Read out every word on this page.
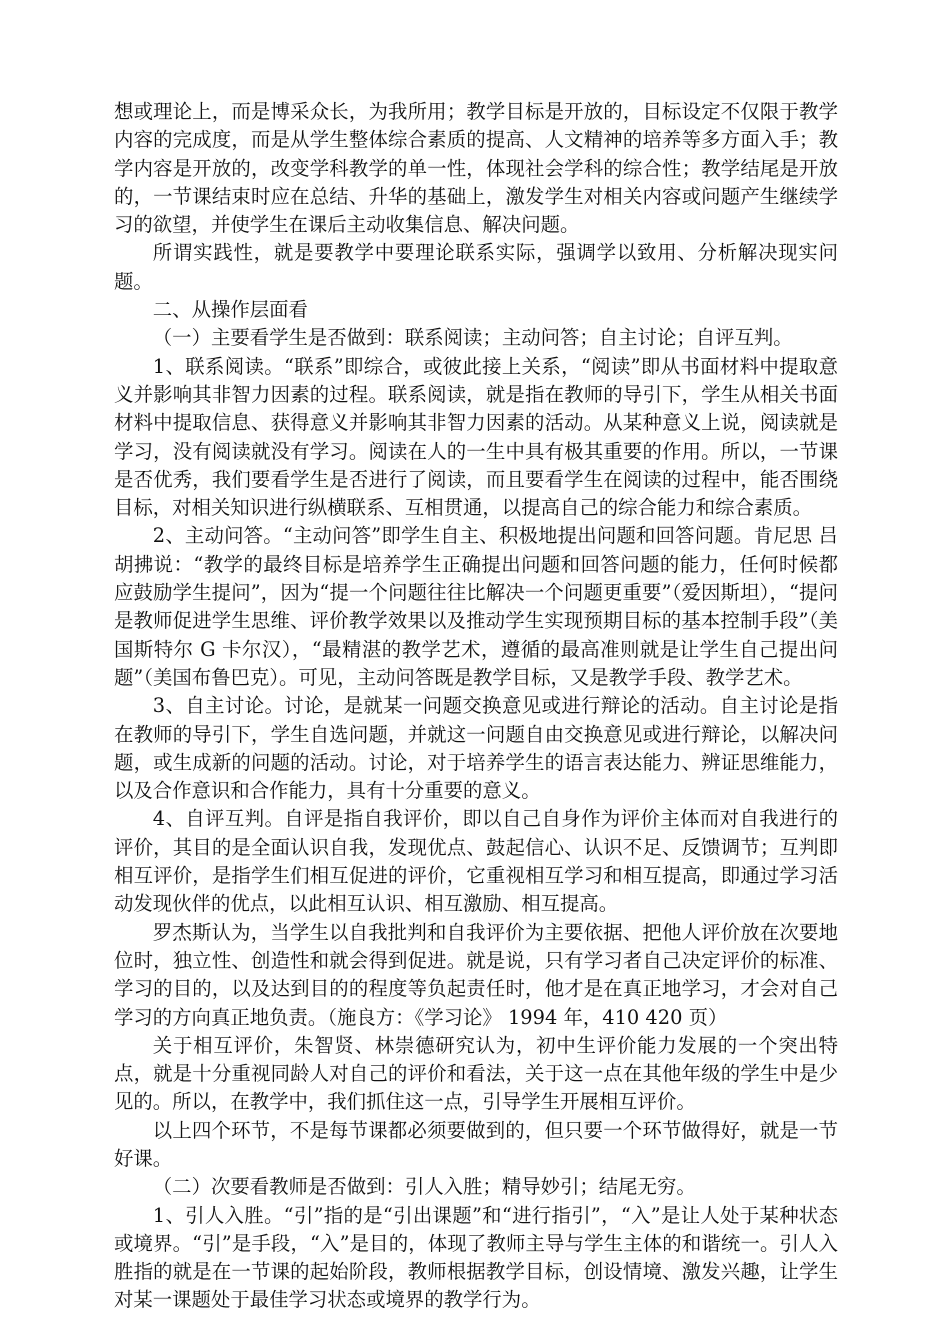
想或理论上，而是博采众长，为我所用；教学目标是开放的，目标设定不仅限于教学内容的完成度，而是从学生整体综合素质的提高、人文精神的培养等多方面入手；教学内容是开放的，改变学科教学的单一性，体现社会学科的综合性；教学结尾是开放的，一节课结束时应在总结、升华的基础上，激发学生对相关内容或问题产生继续学习的欲望，并使学生在课后主动收集信息、解决问题。

所谓实践性，就是要教学中要理论联系实际，强调学以致用、分析解决现实问题。

二、从操作层面看

（一）主要看学生是否做到：联系阅读；主动问答；自主讨论；自评互判。

1、联系阅读。“联系”即综合，或彼此接上关系，“阅读”即从书面材料中提取意义并影响其非智力因素的过程。联系阅读，就是指在教师的导引下，学生从相关书面材料中提取信息、获得意义并影响其非智力因素的活动。从某种意义上说，阅读就是学习，没有阅读就没有学习。阅读在人的一生中具有极其重要的作用。所以，一节课是否优秀，我们要看学生是否进行了阅读，而且要看学生在阅读的过程中，能否围绕目标，对相关知识进行纵横联系、互相贯通，以提高自己的综合能力和综合素质。

2、主动问答。“主动问答”即学生自主、积极地提出问题和回答问题。肯尼思 吕 胡拂说：“教学的最终目标是培养学生正确提出问题和回答问题的能力，任何时候都应鼓励学生提问”，因为“提一个问题往往比解决一个问题更重要”（爱因斯坦），“提问是教师促进学生思维、评价教学效果以及推动学生实现预期目标的基本控制手段”（美国斯特尔 G 卡尔汉），“最精湛的教学艺术，遵循的最高准则就是让学生自己提出问题”（美国布鲁巴克）。可见，主动问答既是教学目标，又是教学手段、教学艺术。

3、自主讨论。讨论，是就某一问题交换意见或进行辩论的活动。自主讨论是指在教师的导引下，学生自选问题，并就这一问题自由交换意见或进行辩论，以解决问题，或生成新的问题的活动。讨论，对于培养学生的语言表达能力、辨证思维能力，以及合作意识和合作能力，具有十分重要的意义。

4、自评互判。自评是指自我评价，即以自己自身作为评价主体而对自我进行的评价，其目的是全面认识自我，发现优点、鼓起信心、认识不足、反馈调节；互判即相互评价，是指学生们相互促进的评价，它重视相互学习和相互提高，即通过学习活动发现伙伴的优点，以此相互认识、相互激励、相互提高。

罗杰斯认为，当学生以自我批判和自我评价为主要依据、把他人评价放在次要地位时，独立性、创造性和就会得到促进。就是说，只有学习者自己决定评价的标准、学习的目的，以及达到目的的程度等负起责任时，他才是在真正地学习，才会对自己学习的方向真正地负责。（施良方：《学习论》 1994 年，410 420 页）

关于相互评价，朱智贤、林崇德研究认为，初中生评价能力发展的一个突出特点，就是十分重视同龄人对自己的评价和看法，关于这一点在其他年级的学生中是少见的。所以，在教学中，我们抓住这一点，引导学生开展相互评价。

以上四个环节，不是每节课都必须要做到的，但只要一个环节做得好，就是一节好课。

（二）次要看教师是否做到：引人入胜；精导妙引；结尾无穷。

1、引人入胜。“引”指的是“引出课题”和“进行指引”，“入”是让人处于某种状态或境界。“引”是手段，“入”是目的，体现了教师主导与学生主体的和谐统一。引人入胜指的就是在一节课的起始阶段，教师根据教学目标，创设情境、激发兴趣，让学生对某一课题处于最佳学习状态或境界的教学行为。
